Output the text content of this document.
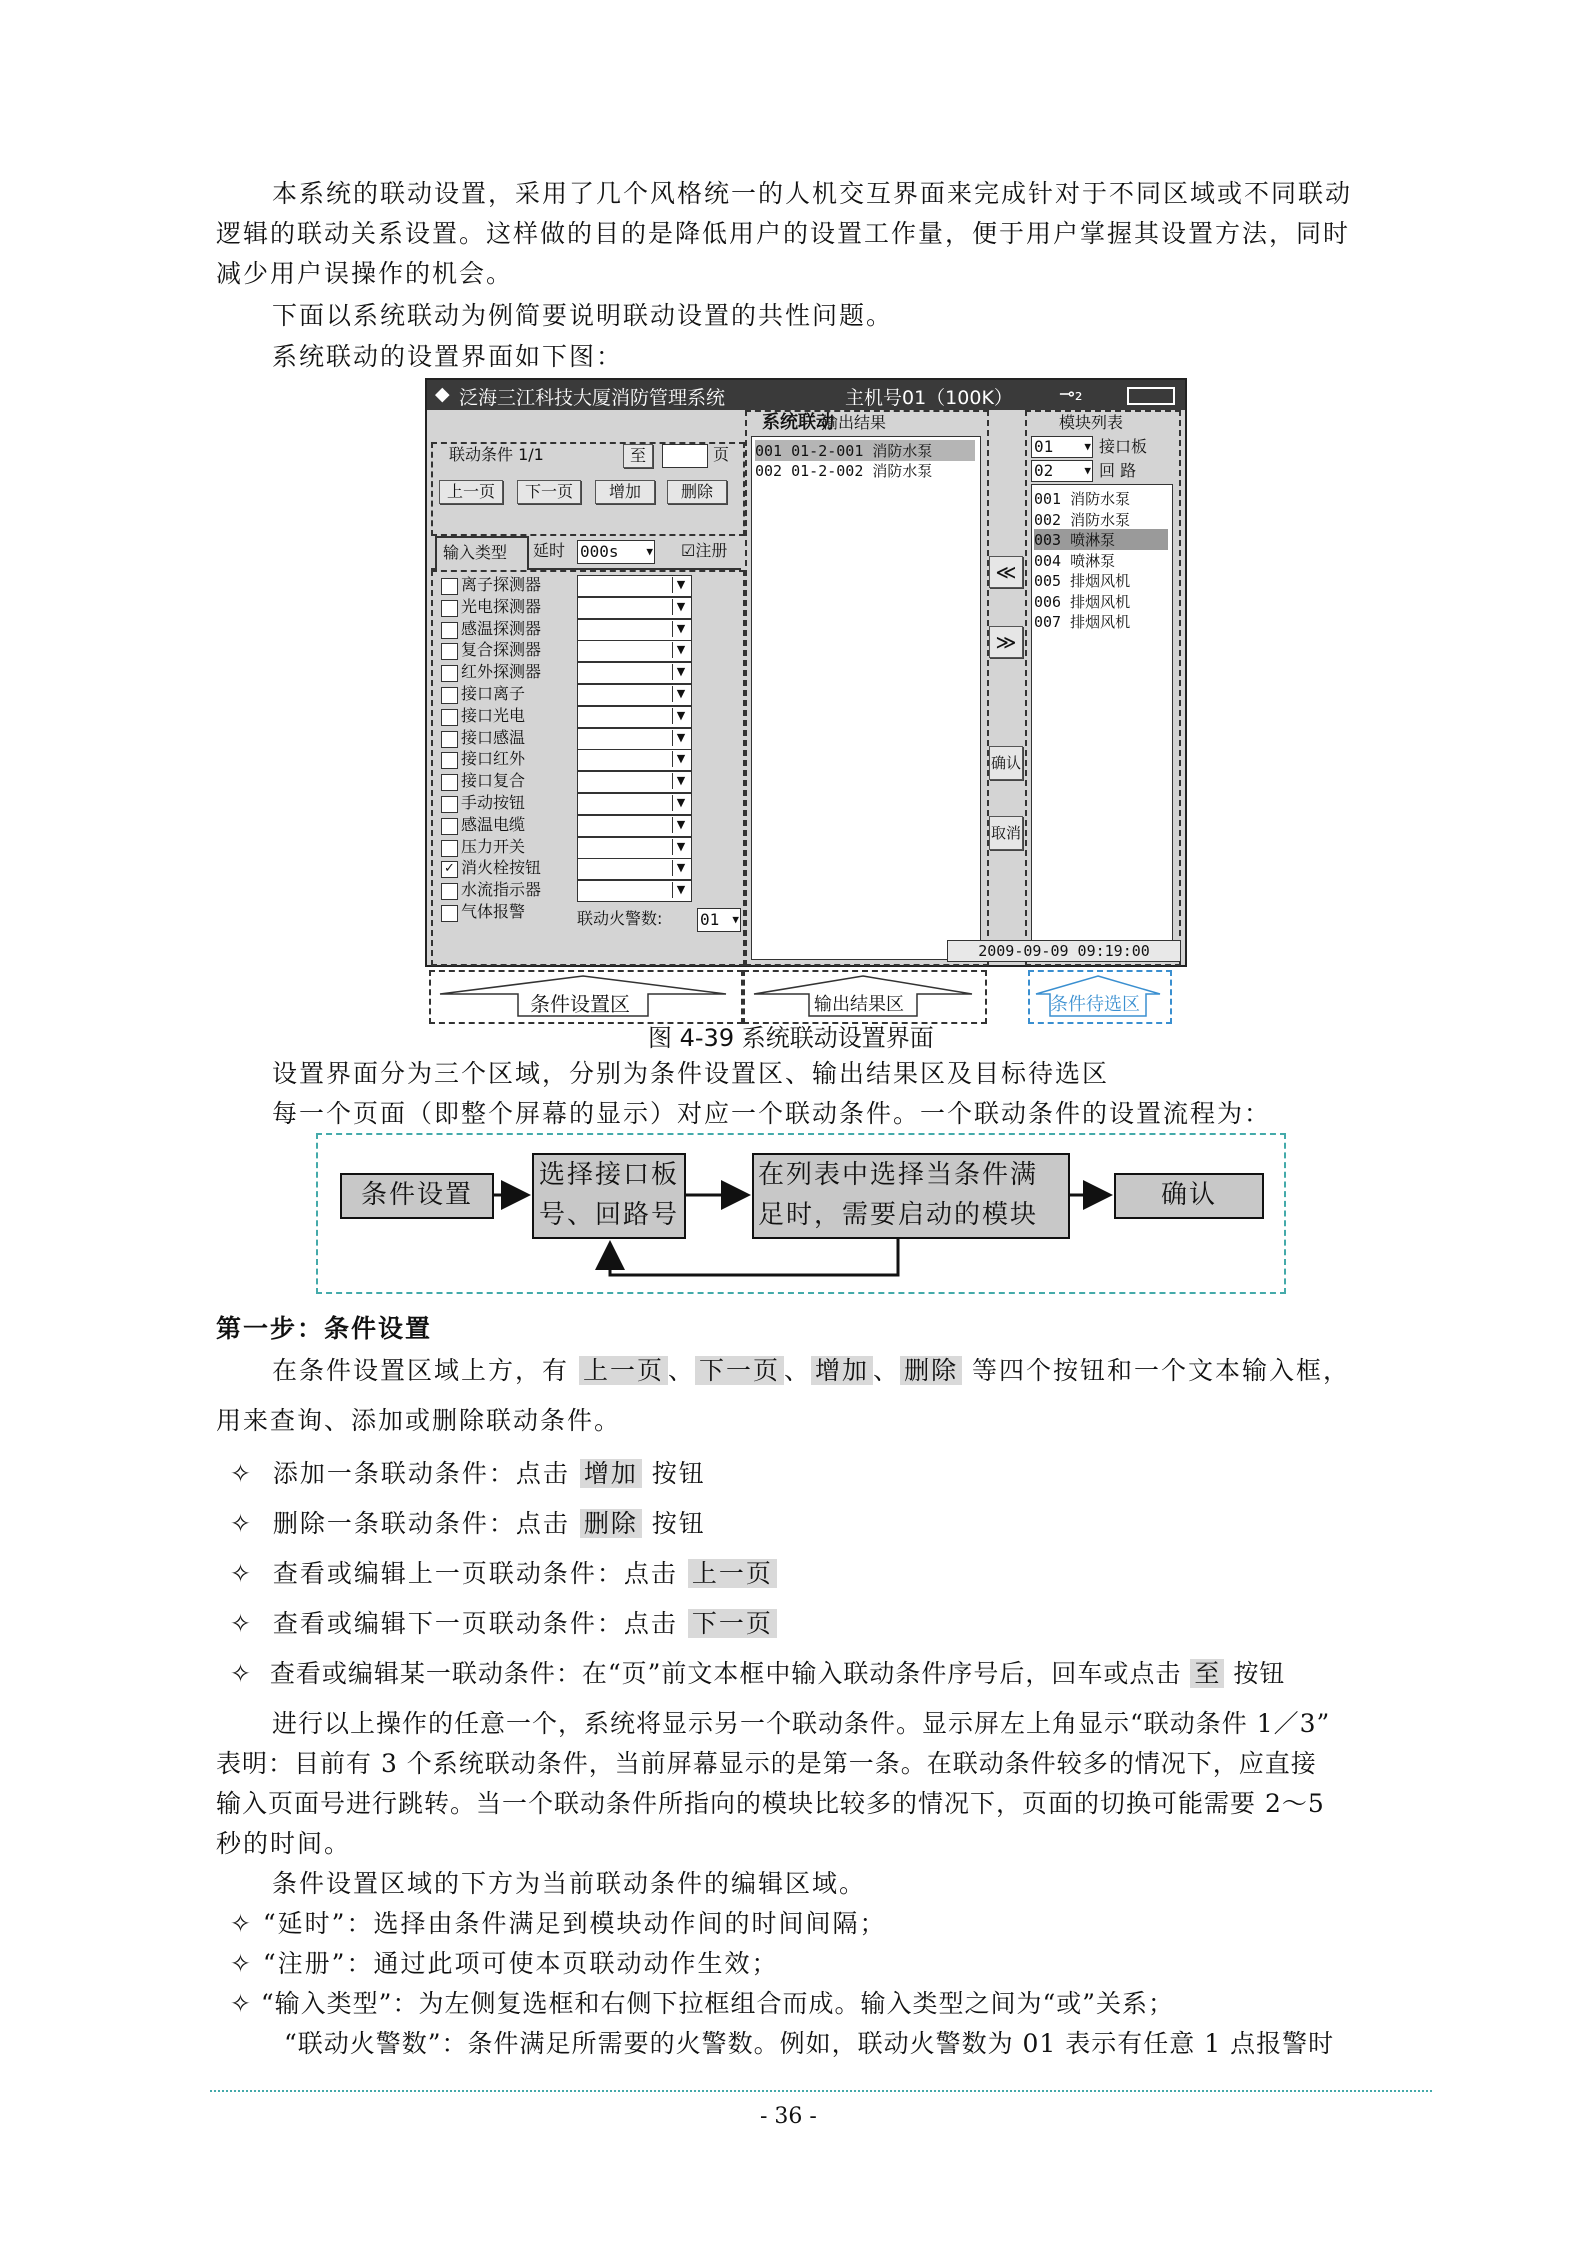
本系统的联动设置，采用了几个风格统一的人机交互界面来完成针对于不同区域或不同联动
逻辑的联动关系设置。这样做的目的是降低用户的设置工作量，便于用户掌握其设置方法，同时
减少用户误操作的机会。
下面以系统联动为例简要说明联动设置的共性问题。
系统联动的设置界面如下图：
◆ 泛海三江科技大厦消防管理系统	主机号01（100K） ⊸₂
系统联动
联动条件 1/1	至	页
上一页	下一页	增加	删除
输入类型 延时 000s	▼ ☑注册
联动火警数: 01 ▼
输出结果
≪
≫
确认
取消
模块列表
01	▼ 接口板
02	▼ 回 路
2009-09-09 09:19:00
离子探测器
▼
光电探测器
▼
感温探测器
▼
复合探测器
▼
红外探测器
▼
接口离子
▼
接口光电
▼
接口感温
▼
接口红外
▼
接口复合
▼
手动按钮
▼
感温电缆
▼
压力开关
▼
✓ 消火栓按钮
▼
水流指示器
▼
气体报警
001 01-2-001 消防水泵
002 01-2-002 消防水泵
001 消防水泵
002 消防水泵
003 喷淋泵
004 喷淋泵
005 排烟风机
006 排烟风机
007 排烟风机
条件设置区	输出结果区	条件待选区
图 4-39 系统联动设置界面
设置界面分为三个区域，分别为条件设置区、输出结果区及目标待选区
每一个页面（即整个屏幕的显示）对应一个联动条件。一个联动条件的设置流程为：
条件设置
选择接口板
号、回路号
在列表中选择当条件满
足时，需要启动的模块
确认
第一步：条件设置
在条件设置区域上方，有 上一页 、 下一页 、 增加 、 删除 等四个按钮和一个文本输入框，
用来查询、添加或删除联动条件。
✧ 添加一条联动条件：点击 增加 按钮
✧ 删除一条联动条件：点击 删除 按钮
✧ 查看或编辑上一页联动条件：点击 上一页
✧ 查看或编辑下一页联动条件：点击 下一页
✧ 查看或编辑某一联动条件：在“页”前文本框中输入联动条件序号后，回车或点击 至 按钮
进行以上操作的任意一个，系统将显示另一个联动条件。显示屏左上角显示“联动条件 1／3”
表明：目前有 3 个系统联动条件，当前屏幕显示的是第一条。在联动条件较多的情况下，应直接
输入页面号进行跳转。当一个联动条件所指向的模块比较多的情况下，页面的切换可能需要 2～5
秒的时间。
条件设置区域的下方为当前联动条件的编辑区域。
✧ “延时”：选择由条件满足到模块动作间的时间间隔；
✧ “注册”：通过此项可使本页联动动作生效；
✧ “输入类型”：为左侧复选框和右侧下拉框组合而成。输入类型之间为“或”关系；
“联动火警数”：条件满足所需要的火警数。例如，联动火警数为 01 表示有任意 1 点报警时
- 36 -
